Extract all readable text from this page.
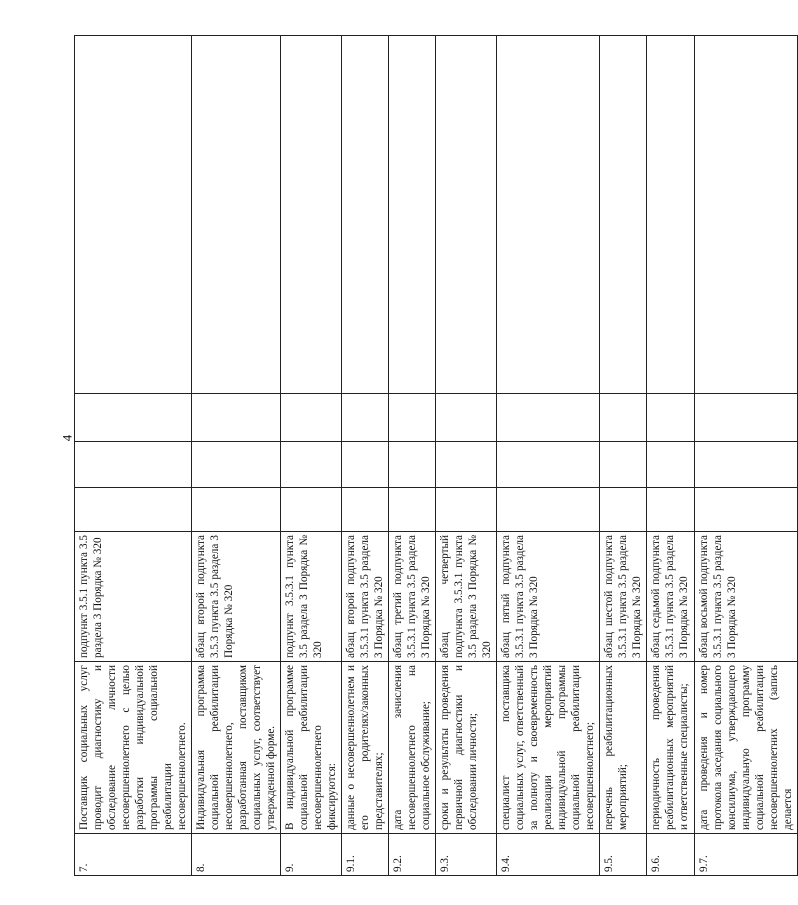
4
7.	Поставщик социальных услуг проводит диагностику и обследование личности несовершеннолетнего с целью разработки индивидуальной программы социальной реабилитации несовершеннолетнего.	подпункт 3.5.1 пункта 3.5 раздела 3 Порядка № 320				
8.	Индивидуальная программа социальной реабилитации несовершеннолетнего, разработанная поставщиком социальных услуг, соответствует утвержденной форме.	абзац второй подпункта 3.5.3 пункта 3.5 раздела 3 Порядка № 320				
9.	В индивидуальной программе социальной реабилитации несовершеннолетнего фиксируются:	подпункт 3.5.3.1 пункта 3.5 раздела 3 Порядка № 320				
9.1.	данные о несовершеннолетнем и его родителях/законных представителях;	абзац второй подпункта 3.5.3.1 пункта 3.5 раздела 3 Порядка № 320				
9.2.	дата зачисления несовершеннолетнего на социальное обслуживание;	абзац третий подпункта 3.5.3.1 пункта 3.5 раздела 3 Порядка № 320				
9.3.	сроки и результаты проведения первичной диагностики и обследовании личности;	абзац четвертый подпункта 3.5.3.1 пункта 3.5 раздела 3 Порядка № 320				
9.4.	специалист поставщика социальных услуг, ответственный за полноту и своевременность реализации мероприятий индивидуальной программы социальной реабилитации несовершеннолетнего;	абзац пятый подпункта 3.5.3.1 пункта 3.5 раздела 3 Порядка № 320				
9.5.	перечень реабилитационных мероприятий;	абзац шестой подпункта 3.5.3.1 пункта 3.5 раздела 3 Порядка № 320				
9.6.	периодичность проведения реабилитационных мероприятий и ответственные специалисты;	абзац седьмой подпункта 3.5.3.1 пункта 3.5 раздела 3 Порядка № 320				
9.7.	дата проведения и номер протокола заседания социального консилиума, утверждающего индивидуальную программу социальной реабилитации несовершеннолетних (запись делается	абзац восьмой подпункта 3.5.3.1 пункта 3.5 раздела 3 Порядка № 320				
